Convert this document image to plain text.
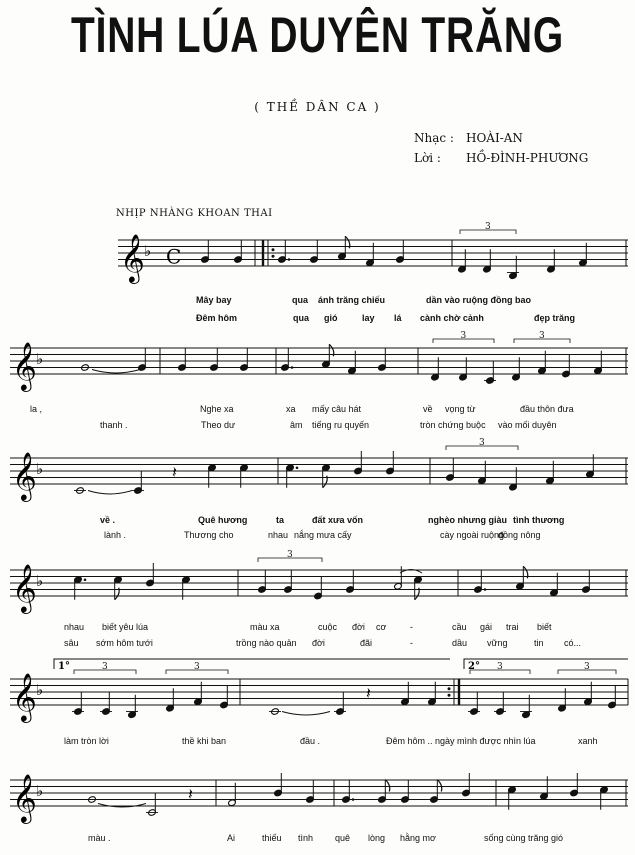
TÌNH LÚA DUYÊN TRĂNG
( THỀ DÂN CA )
Nhạc : HOÀI-AN
Lời : HỒ-ĐÌNH-PHƯƠNG
NHỊP NHÀNG KHOAN THAI
𝄞 ♭
𝄞 ♭
𝄞 ♭
𝄞 ♭
𝄞 ♭
𝄞 ♭
C
3
3	3
𝄽
3
3
1°	3	3
𝄽
2° 3	3
𝄽
Mây bay	qua ánh trăng chiếu	dần vào ruộng đồng bao
Đêm hôm	qua gió	lay lá cành chờ cảnh	đẹp trăng
la ,	Nghe xa	xa mấy câu hát	về vọng từ	đầu thôn đưa
thanh .	Theo dư	âm tiếng ru quyến	tròn chứng buộc vào mối duyên
về .	Quê hương	ta	đất xưa vốn	nghèo nhưng giàu tình thương
lành .	Thương cho	nhau nắng mưa cấy	cày ngoài ruộng
đồng nông
nhau biết yêu lúa	màu xa	cuộc đời cơ	-	cầu gái trai biết
sâu sớm hôm tưới	trồng nào quản đời	đãi	-	dầu vững	tin có...
làm tròn lời	thề khi ban	đầu .	Đêm hôm .. ngày mình được nhìn lúa	xanh
màu .	Ai	thiếu tình quê lòng hằng mơ	sống cùng trăng gió
